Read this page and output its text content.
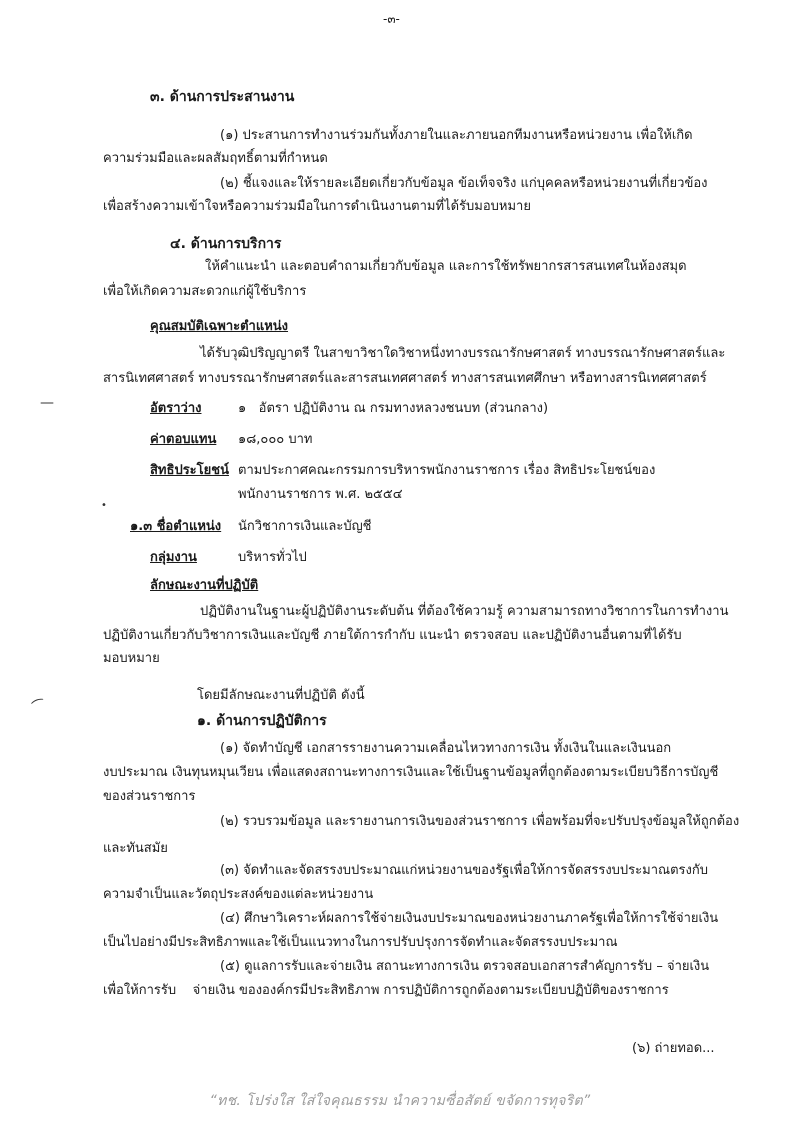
-๓-
๓. ด้านการประสานงาน
(๑) ประสานการทำงานร่วมกันทั้งภายในและภายนอกทีมงานหรือหน่วยงาน เพื่อให้เกิด
ความร่วมมือและผลสัมฤทธิ์ตามที่กำหนด
(๒) ชี้แจงและให้รายละเอียดเกี่ยวกับข้อมูล ข้อเท็จจริง แก่บุคคลหรือหน่วยงานที่เกี่ยวข้อง
เพื่อสร้างความเข้าใจหรือความร่วมมือในการดำเนินงานตามที่ได้รับมอบหมาย
๔. ด้านการบริการ
ให้คำแนะนำ และตอบคำถามเกี่ยวกับข้อมูล และการใช้ทรัพยากรสารสนเทศในห้องสมุด
เพื่อให้เกิดความสะดวกแก่ผู้ใช้บริการ
คุณสมบัติเฉพาะตำแหน่ง
ได้รับวุฒิปริญญาตรี ในสาขาวิชาใดวิชาหนึ่งทางบรรณารักษศาสตร์ ทางบรรณารักษศาสตร์และ
สารนิเทศศาสตร์ ทางบรรณารักษศาสตร์และสารสนเทศศาสตร์ ทางสารสนเทศศึกษา หรือทางสารนิเทศศาสตร์
อัตราว่าง	๑   อัตรา ปฏิบัติงาน ณ กรมทางหลวงชนบท (ส่วนกลาง)
ค่าตอบแทน ๑๘,๐๐๐ บาท
สิทธิประโยชน์ ตามประกาศคณะกรรมการบริหารพนักงานราชการ เรื่อง สิทธิประโยชน์ของ
พนักงานราชการ พ.ศ. ๒๕๕๔
๑.๓ ชื่อตำแหน่ง นักวิชาการเงินและบัญชี
กลุ่มงาน	บริหารทั่วไป
ลักษณะงานที่ปฏิบัติ
ปฏิบัติงานในฐานะผู้ปฏิบัติงานระดับต้น ที่ต้องใช้ความรู้ ความสามารถทางวิชาการในการทำงาน
ปฏิบัติงานเกี่ยวกับวิชาการเงินและบัญชี ภายใต้การกำกับ แนะนำ ตรวจสอบ และปฏิบัติงานอื่นตามที่ได้รับ
มอบหมาย
โดยมีลักษณะงานที่ปฏิบัติ ดังนี้
๑. ด้านการปฏิบัติการ
(๑) จัดทำบัญชี เอกสารรายงานความเคลื่อนไหวทางการเงิน ทั้งเงินในและเงินนอก
งบประมาณ เงินทุนหมุนเวียน เพื่อแสดงสถานะทางการเงินและใช้เป็นฐานข้อมูลที่ถูกต้องตามระเบียบวิธีการบัญชี
ของส่วนราชการ
(๒) รวบรวมข้อมูล และรายงานการเงินของส่วนราชการ เพื่อพร้อมที่จะปรับปรุงข้อมูลให้ถูกต้อง
และทันสมัย
(๓) จัดทำและจัดสรรงบประมาณแก่หน่วยงานของรัฐเพื่อให้การจัดสรรงบประมาณตรงกับ
ความจำเป็นและวัตถุประสงค์ของแต่ละหน่วยงาน
(๔) ศึกษาวิเคราะห์ผลการใช้จ่ายเงินงบประมาณของหน่วยงานภาครัฐเพื่อให้การใช้จ่ายเงิน
เป็นไปอย่างมีประสิทธิภาพและใช้เป็นแนวทางในการปรับปรุงการจัดทำและจัดสรรงบประมาณ
(๕) ดูแลการรับและจ่ายเงิน สถานะทางการเงิน ตรวจสอบเอกสารสำคัญการรับ – จ่ายเงิน
เพื่อให้การรับ    จ่ายเงิน ขององค์กรมีประสิทธิภาพ การปฏิบัติการถูกต้องตามระเบียบปฏิบัติของราชการ
(๖) ถ่ายทอด...
“ทช. โปร่งใส ใส่ใจคุณธรรม นำความซื่อสัตย์ ขจัดการทุจริต”
—
•
⁀
